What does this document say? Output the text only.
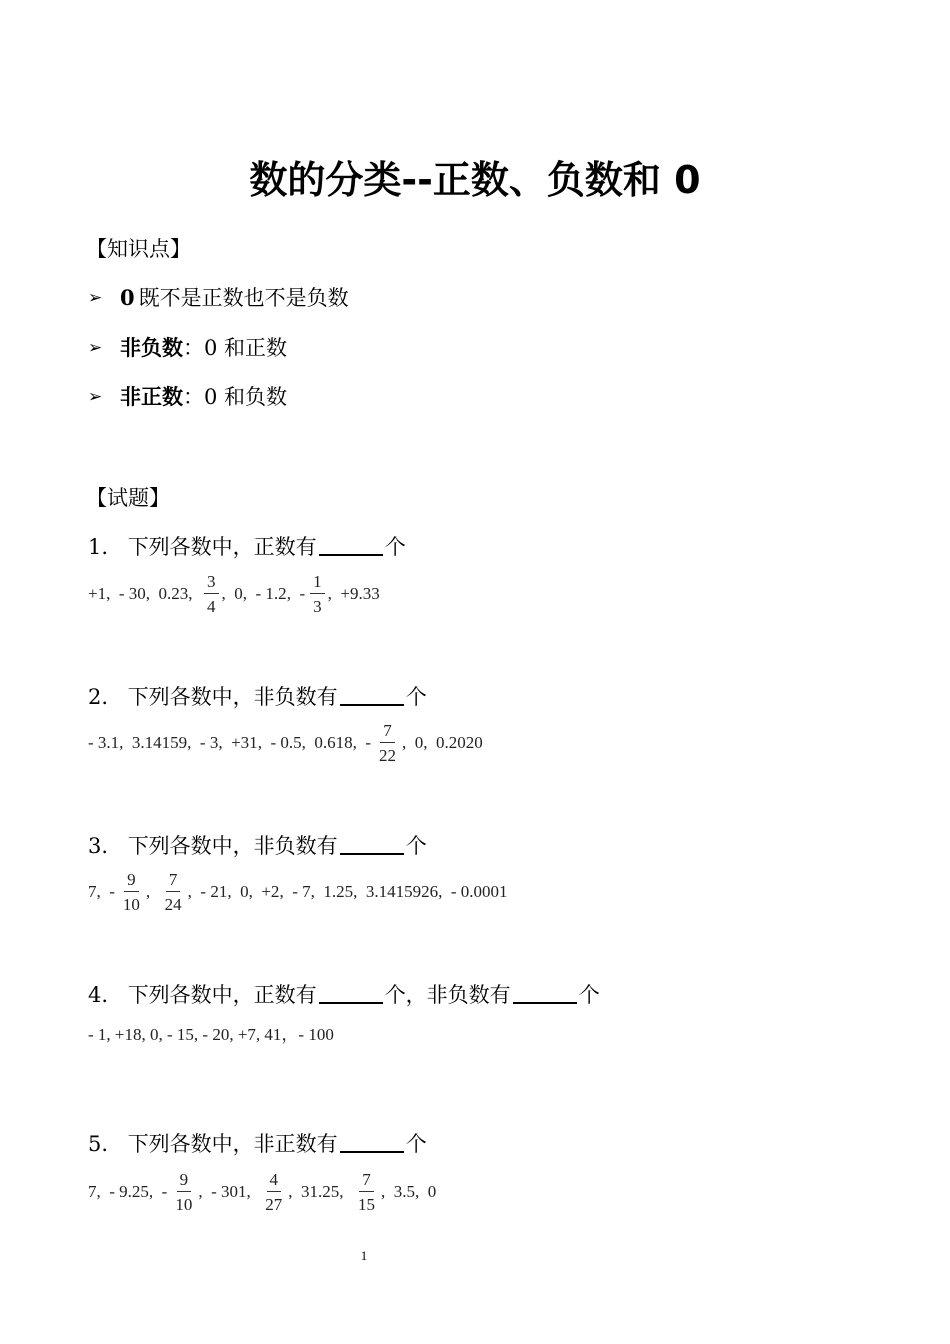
数的分类--正数、负数和 0
【知识点】
➢ 0 既不是正数也不是负数
➢ 非负数 ：0 和正数
➢ 非正数 ：0 和负数
【试题】
1. 下列各数中，正数有	个
+1 , - 30 , 0.23 , $\frac{3}{4}$ , 0 , - 1.2 , - $\frac{1}{3}$ , +9.33
2. 下列各数中，非负数有	个
- 3.1 , 3.14159 , - 3 , +31 , - 0.5 , 0.618 , - $\frac{7}{22}$ , 0 , 0.2020
3. 下列各数中，非负数有	个
7 , - $\frac{9}{10}$ , $\frac{7}{24}$ , - 21 , 0 , +2 , - 7 , 1.25 , 3.1415926 , - 0.0001
4. 下列各数中，正数有	个，非负数有	个
- 1, +18, 0, - 15, - 20, +7, 41，- 100
5. 下列各数中，非正数有	个
7 , - 9.25 , - $\frac{9}{10}$ , - 301 , $\frac{4}{27}$ , 31.25 , $\frac{7}{15}$ , 3.5 , 0
1
